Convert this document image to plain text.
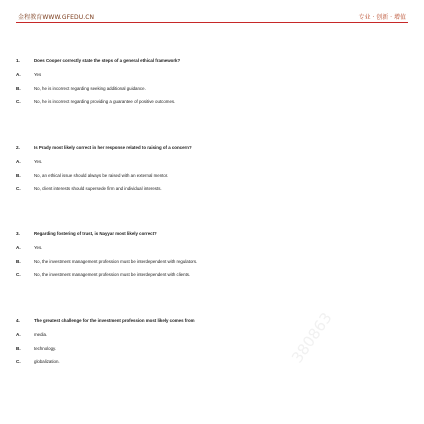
金程教育WWW.GFEDU.CN	专业 · 创新 · 增值
1.	Does Cooper correctly state the steps of a general ethical framework?
A.	Yes
B.	No, he is incorrect regarding seeking additional guidance.
C.	No, he is incorrect regarding providing a guarantee of positive outcomes.
2.	Is Prady most likely correct in her response related to raising of a concern?
A.	Yes.
B.	No, an ethical issue should always be raised with an external mentor.
C.	No, client interests should supersede firm and individual interests.
3.	Regarding fostering of trust, is Nayyar most likely correct?
A.	Yes.
B.	No, the investment management profession must be interdependent with regulators.
C.	No, the investment management profession must be interdependent with clients.
4.	The greatest challenge for the investment profession most likely comes from
A.	media.
B.	technology.
C.	globalization.	380863
